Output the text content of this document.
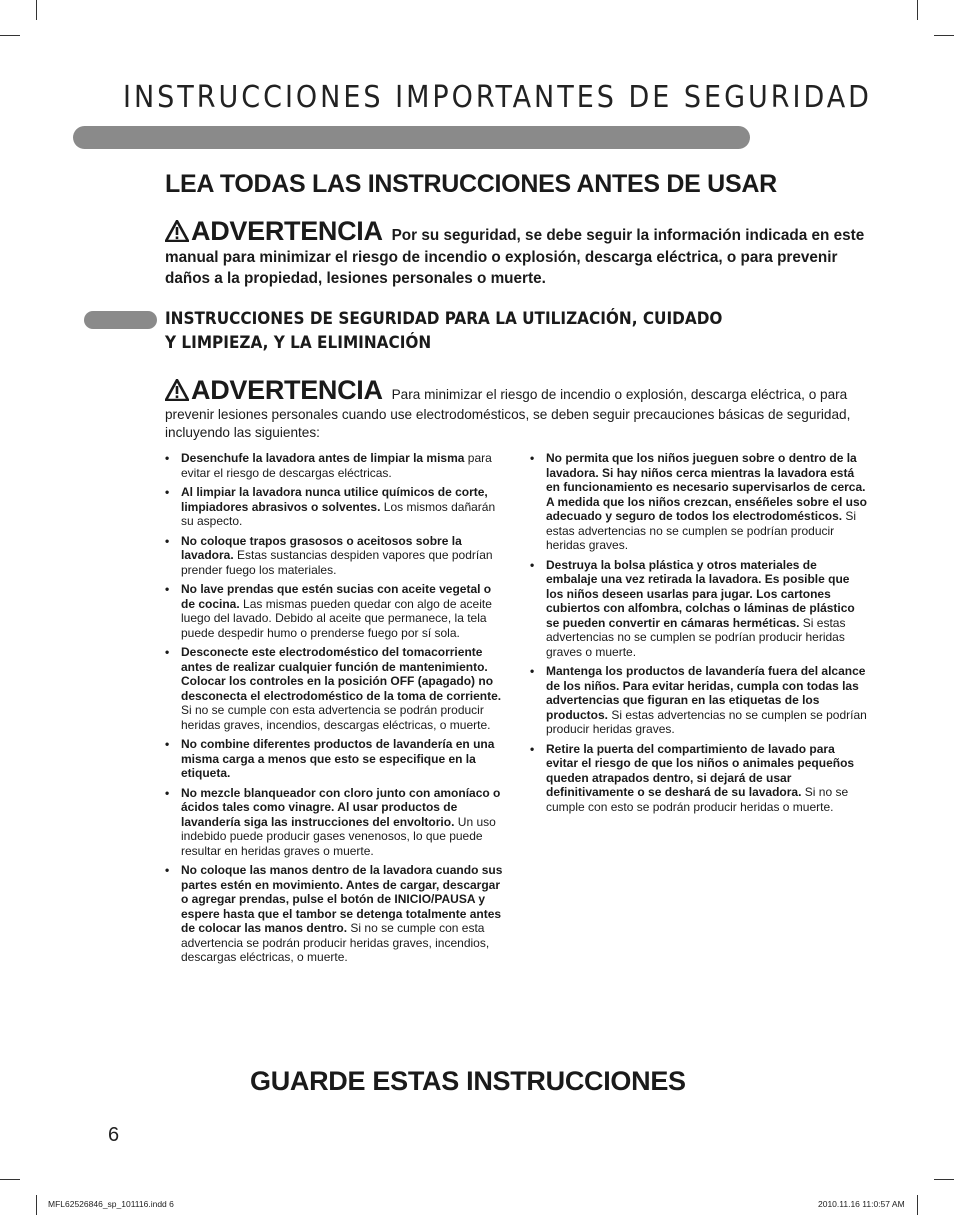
INSTRUCCIONES IMPORTANTES DE SEGURIDAD
LEA TODAS LAS INSTRUCCIONES ANTES DE USAR
ADVERTENCIA Por su seguridad, se debe seguir la información indicada en este manual para minimizar el riesgo de incendio o explosión, descarga eléctrica, o para prevenir daños a la propiedad, lesiones personales o muerte.
INSTRUCCIONES DE SEGURIDAD PARA LA UTILIZACIÓN, CUIDADO
Y LIMPIEZA, Y LA ELIMINACIÓN
ADVERTENCIA Para minimizar el riesgo de incendio o explosión, descarga eléctrica, o para prevenir lesiones personales cuando use electrodomésticos, se deben seguir precauciones básicas de seguridad, incluyendo las siguientes:
• Desenchufe la lavadora antes de limpiar la misma para evitar el riesgo de descargas eléctricas.
• Al limpiar la lavadora nunca utilice químicos de corte, limpiadores abrasivos o solventes. Los mismos dañarán su aspecto.
• No coloque trapos grasosos o aceitosos sobre la lavadora. Estas sustancias despiden vapores que podrían prender fuego los materiales.
• No lave prendas que estén sucias con aceite vegetal o de cocina. Las mismas pueden quedar con algo de aceite luego del lavado. Debido al aceite que permanece, la tela puede despedir humo o prenderse fuego por sí sola.
• Desconecte este electrodoméstico del tomacorriente antes de realizar cualquier función de mantenimiento. Colocar los controles en la posición OFF (apagado) no desconecta el electrodoméstico de la toma de corriente. Si no se cumple con esta advertencia se podrán producir heridas graves, incendios, descargas eléctricas, o muerte.
• No combine diferentes productos de lavandería en una misma carga a menos que esto se especifique en la etiqueta.
• No mezcle blanqueador con cloro junto con amoníaco o ácidos tales como vinagre. Al usar productos de lavandería siga las instrucciones del envoltorio. Un uso indebido puede producir gases venenosos, lo que puede resultar en heridas graves o muerte.
• No coloque las manos dentro de la lavadora cuando sus partes estén en movimiento. Antes de cargar, descargar o agregar prendas, pulse el botón de INICIO/PAUSA y espere hasta que el tambor se detenga totalmente antes de colocar las manos dentro. Si no se cumple con esta advertencia se podrán producir heridas graves, incendios, descargas eléctricas, o muerte.
• No permita que los niños jueguen sobre o dentro de la lavadora. Si hay niños cerca mientras la lavadora está en funcionamiento es necesario supervisarlos de cerca. A medida que los niños crezcan, enséñeles sobre el uso adecuado y seguro de todos los electrodomésticos. Si estas advertencias no se cumplen se podrían producir heridas graves.
• Destruya la bolsa plástica y otros materiales de embalaje una vez retirada la lavadora. Es posible que los niños deseen usarlas para jugar. Los cartones cubiertos con alfombra, colchas o láminas de plástico se pueden convertir en cámaras herméticas. Si estas advertencias no se cumplen se podrían producir heridas graves o muerte.
• Mantenga los productos de lavandería fuera del alcance de los niños. Para evitar heridas, cumpla con todas las advertencias que figuran en las etiquetas de los productos. Si estas advertencias no se cumplen se podrían producir heridas graves.
• Retire la puerta del compartimiento de lavado para evitar el riesgo de que los niños o animales pequeños queden atrapados dentro, si dejará de usar definitivamente o se deshará de su lavadora. Si no se cumple con esto se podrán producir heridas o muerte.
GUARDE ESTAS INSTRUCCIONES
6
MFL62526846_sp_101116.indd 6	2010.11.16 11:0:57 AM
